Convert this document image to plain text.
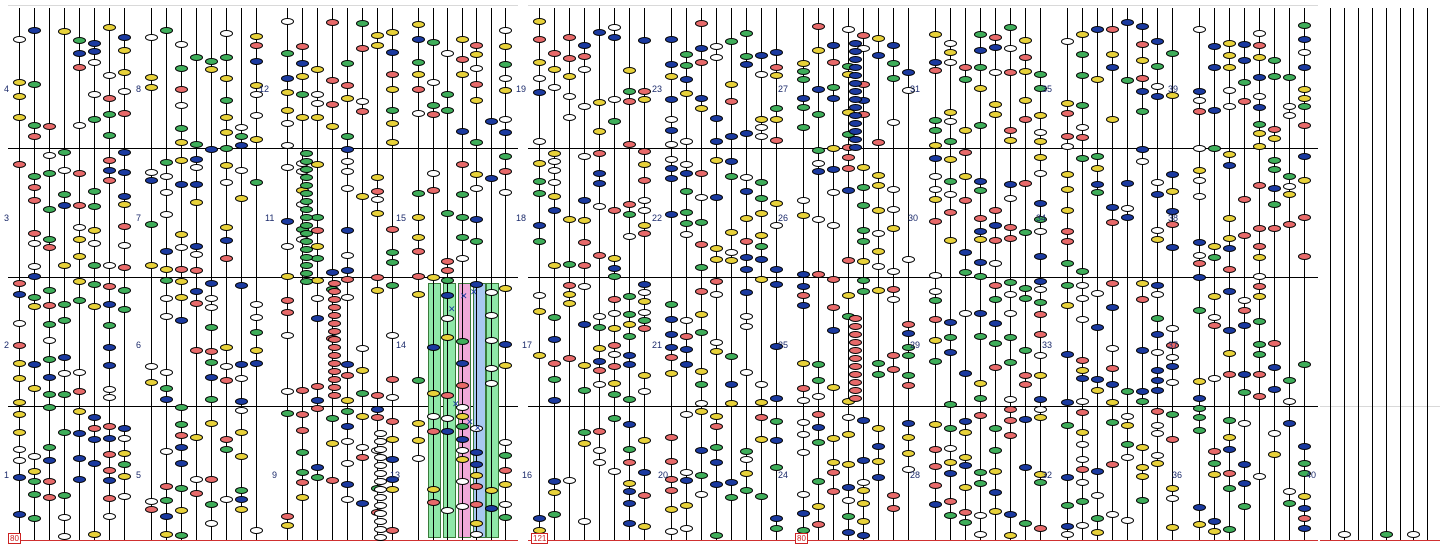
1
2
3
4
5
6
7
8
9
11
12
13
14
15
16
17
18
19
20
21
22
23
24
25
26
27
28
29
30
31
32
33
34
35
36
37
38
39
40
80	121	80
✕
✕ ✕
✕
✕
✕
